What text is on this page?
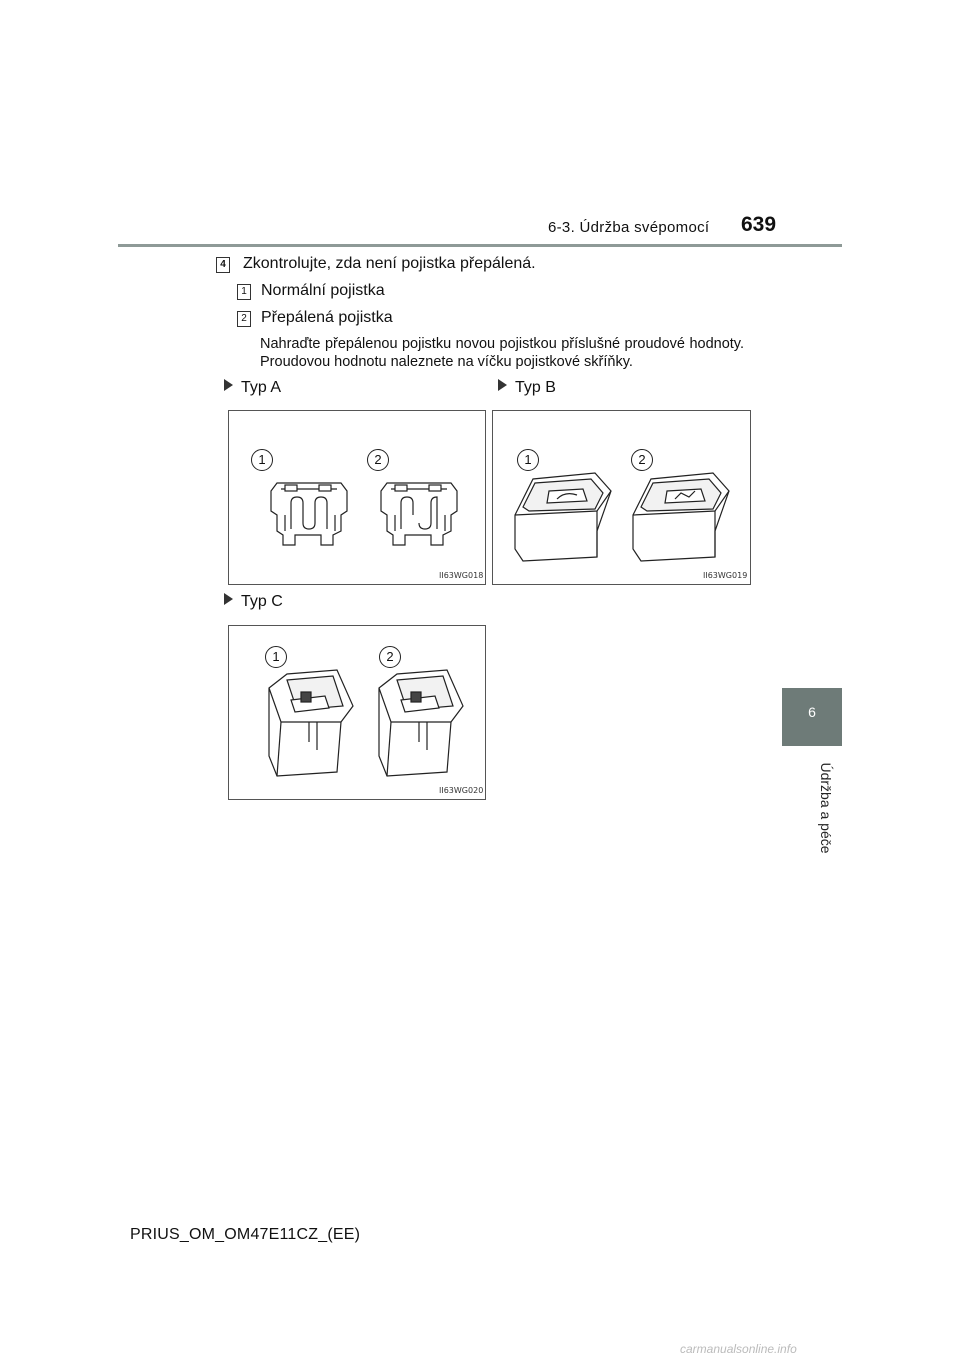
6-3. Údržba svépomocí 639
6
Údržba a péče
4 Zkontrolujte, zda není pojistka přepálená.
1 Normální pojistka
2 Přepálená pojistka
Nahraďte přepálenou pojistku novou pojistkou příslušné proudové hodnoty. Proudovou hodnotu naleznete na víčku pojistkové skříňky.
Typ A	Typ B
Typ C
1	2
II63WG018
1	2
II63WG019
1	2
II63WG020
PRIUS_OM_OM47E11CZ_(EE)
carmanualsonline.info
